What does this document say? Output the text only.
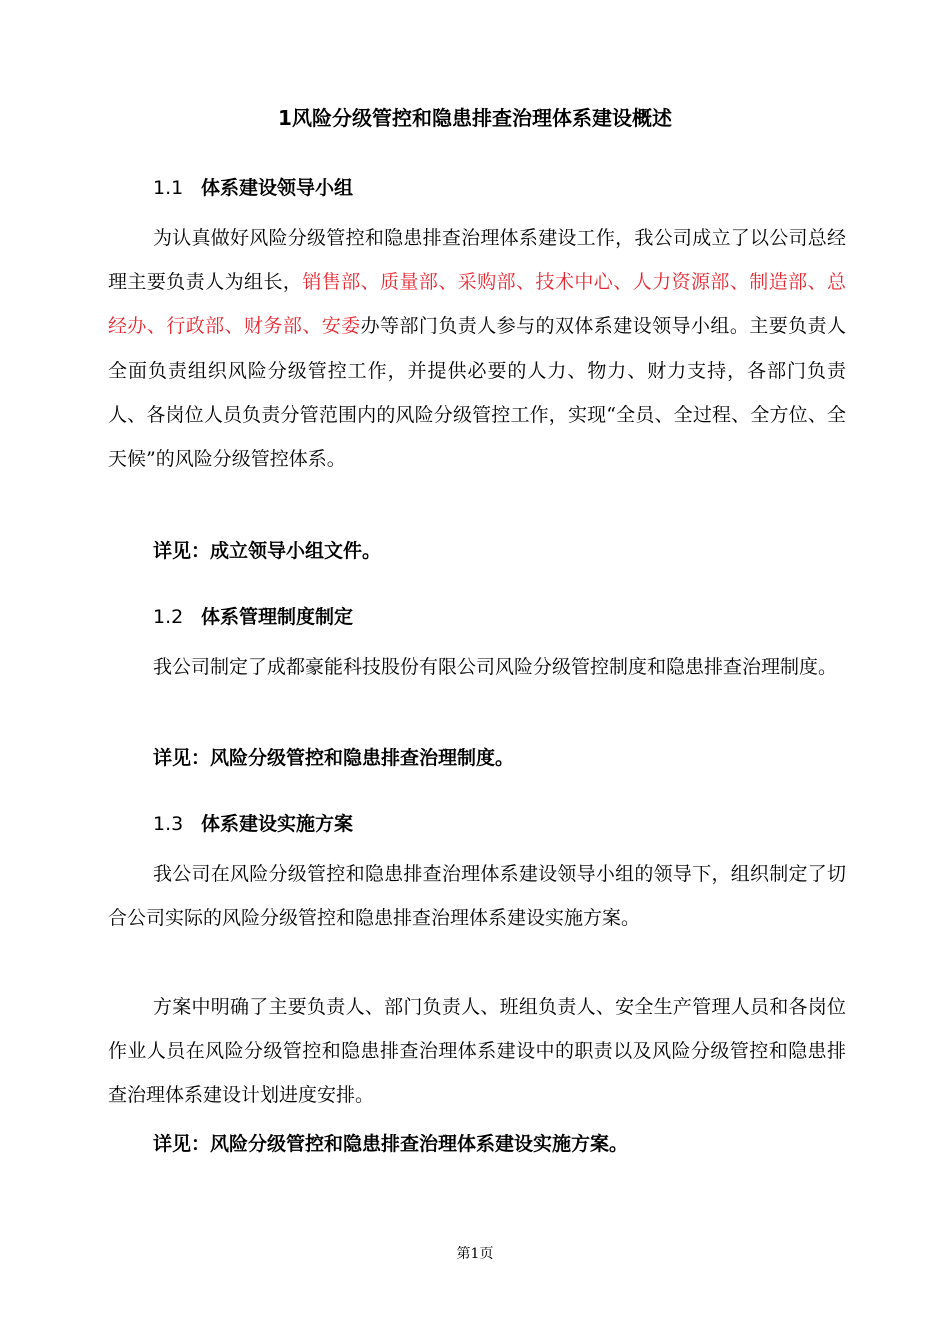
1风险分级管控和隐患排查治理体系建设概述
1.1 体系建设领导小组

为认真做好风险分级管控和隐患排查治理体系建设工作，我公司成立了以公司总经理主要负责人为组长，销售部、质量部、采购部、技术中心、人力资源部、制造部、总经办、行政部、财务部、安委办等部门负责人参与的双体系建设领导小组。主要负责人全面负责组织风险分级管控工作，并提供必要的人力、物力、财力支持，各部门负责人、各岗位人员负责分管范围内的风险分级管控工作，实现“全员、全过程、全方位、全天候”的风险分级管控体系。

详见：成立领导小组文件。
1.2 体系管理制度制定

我公司制定了成都豪能科技股份有限公司风险分级管控制度和隐患排查治理制度。

详见：风险分级管控和隐患排查治理制度。
1.3 体系建设实施方案

我公司在风险分级管控和隐患排查治理体系建设领导小组的领导下，组织制定了切合公司实际的风险分级管控和隐患排查治理体系建设实施方案。

方案中明确了主要负责人、部门负责人、班组负责人、安全生产管理人员和各岗位作业人员在风险分级管控和隐患排查治理体系建设中的职责以及风险分级管控和隐患排查治理体系建设计划进度安排。

详见：风险分级管控和隐患排查治理体系建设实施方案。
第1页
